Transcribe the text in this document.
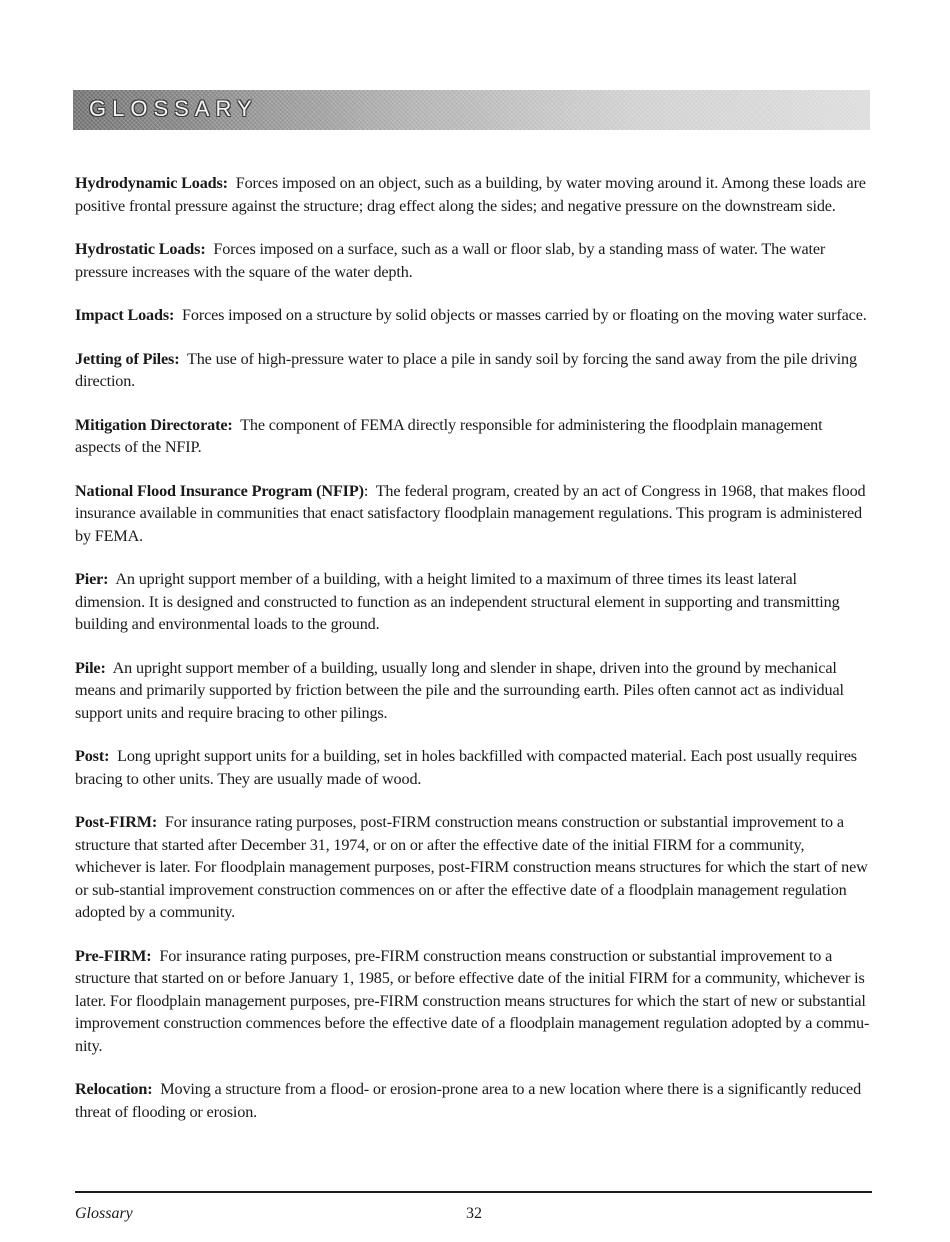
GLOSSARY

Hydrodynamic Loads: Forces imposed on an object, such as a building, by water moving around it. Among these loads are positive frontal pressure against the structure; drag effect along the sides; and negative pressure on the downstream side.

Hydrostatic Loads: Forces imposed on a surface, such as a wall or floor slab, by a standing mass of water. The water pressure increases with the square of the water depth.

Impact Loads: Forces imposed on a structure by solid objects or masses carried by or floating on the moving water surface.

Jetting of Piles: The use of high-pressure water to place a pile in sandy soil by forcing the sand away from the pile driving direction.

Mitigation Directorate: The component of FEMA directly responsible for administering the floodplain management aspects of the NFIP.

National Flood Insurance Program (NFIP): The federal program, created by an act of Congress in 1968, that makes flood insurance available in communities that enact satisfactory floodplain management regulations. This program is administered by FEMA.

Pier: An upright support member of a building, with a height limited to a maximum of three times its least lateral dimension. It is designed and constructed to function as an independent structural element in supporting and transmitting building and environmental loads to the ground.

Pile: An upright support member of a building, usually long and slender in shape, driven into the ground by mechanical means and primarily supported by friction between the pile and the surrounding earth. Piles often cannot act as individual support units and require bracing to other pilings.

Post: Long upright support units for a building, set in holes backfilled with compacted material. Each post usually requires bracing to other units. They are usually made of wood.

Post-FIRM: For insurance rating purposes, post-FIRM construction means construction or substantial improvement to a structure that started after December 31, 1974, or on or after the effective date of the initial FIRM for a community, whichever is later. For floodplain management purposes, post-FIRM construction means structures for which the start of new or sub-stantial improvement construction commences on or after the effective date of a floodplain management regulation adopted by a community.

Pre-FIRM: For insurance rating purposes, pre-FIRM construction means construction or substantial improvement to a structure that started on or before January 1, 1985, or before effective date of the initial FIRM for a community, whichever is later. For floodplain management purposes, pre-FIRM construction means structures for which the start of new or substantial improvement construction commences before the effective date of a floodplain management regulation adopted by a commu-nity.

Relocation: Moving a structure from a flood- or erosion-prone area to a new location where there is a significantly reduced threat of flooding or erosion.

Glossary	32
